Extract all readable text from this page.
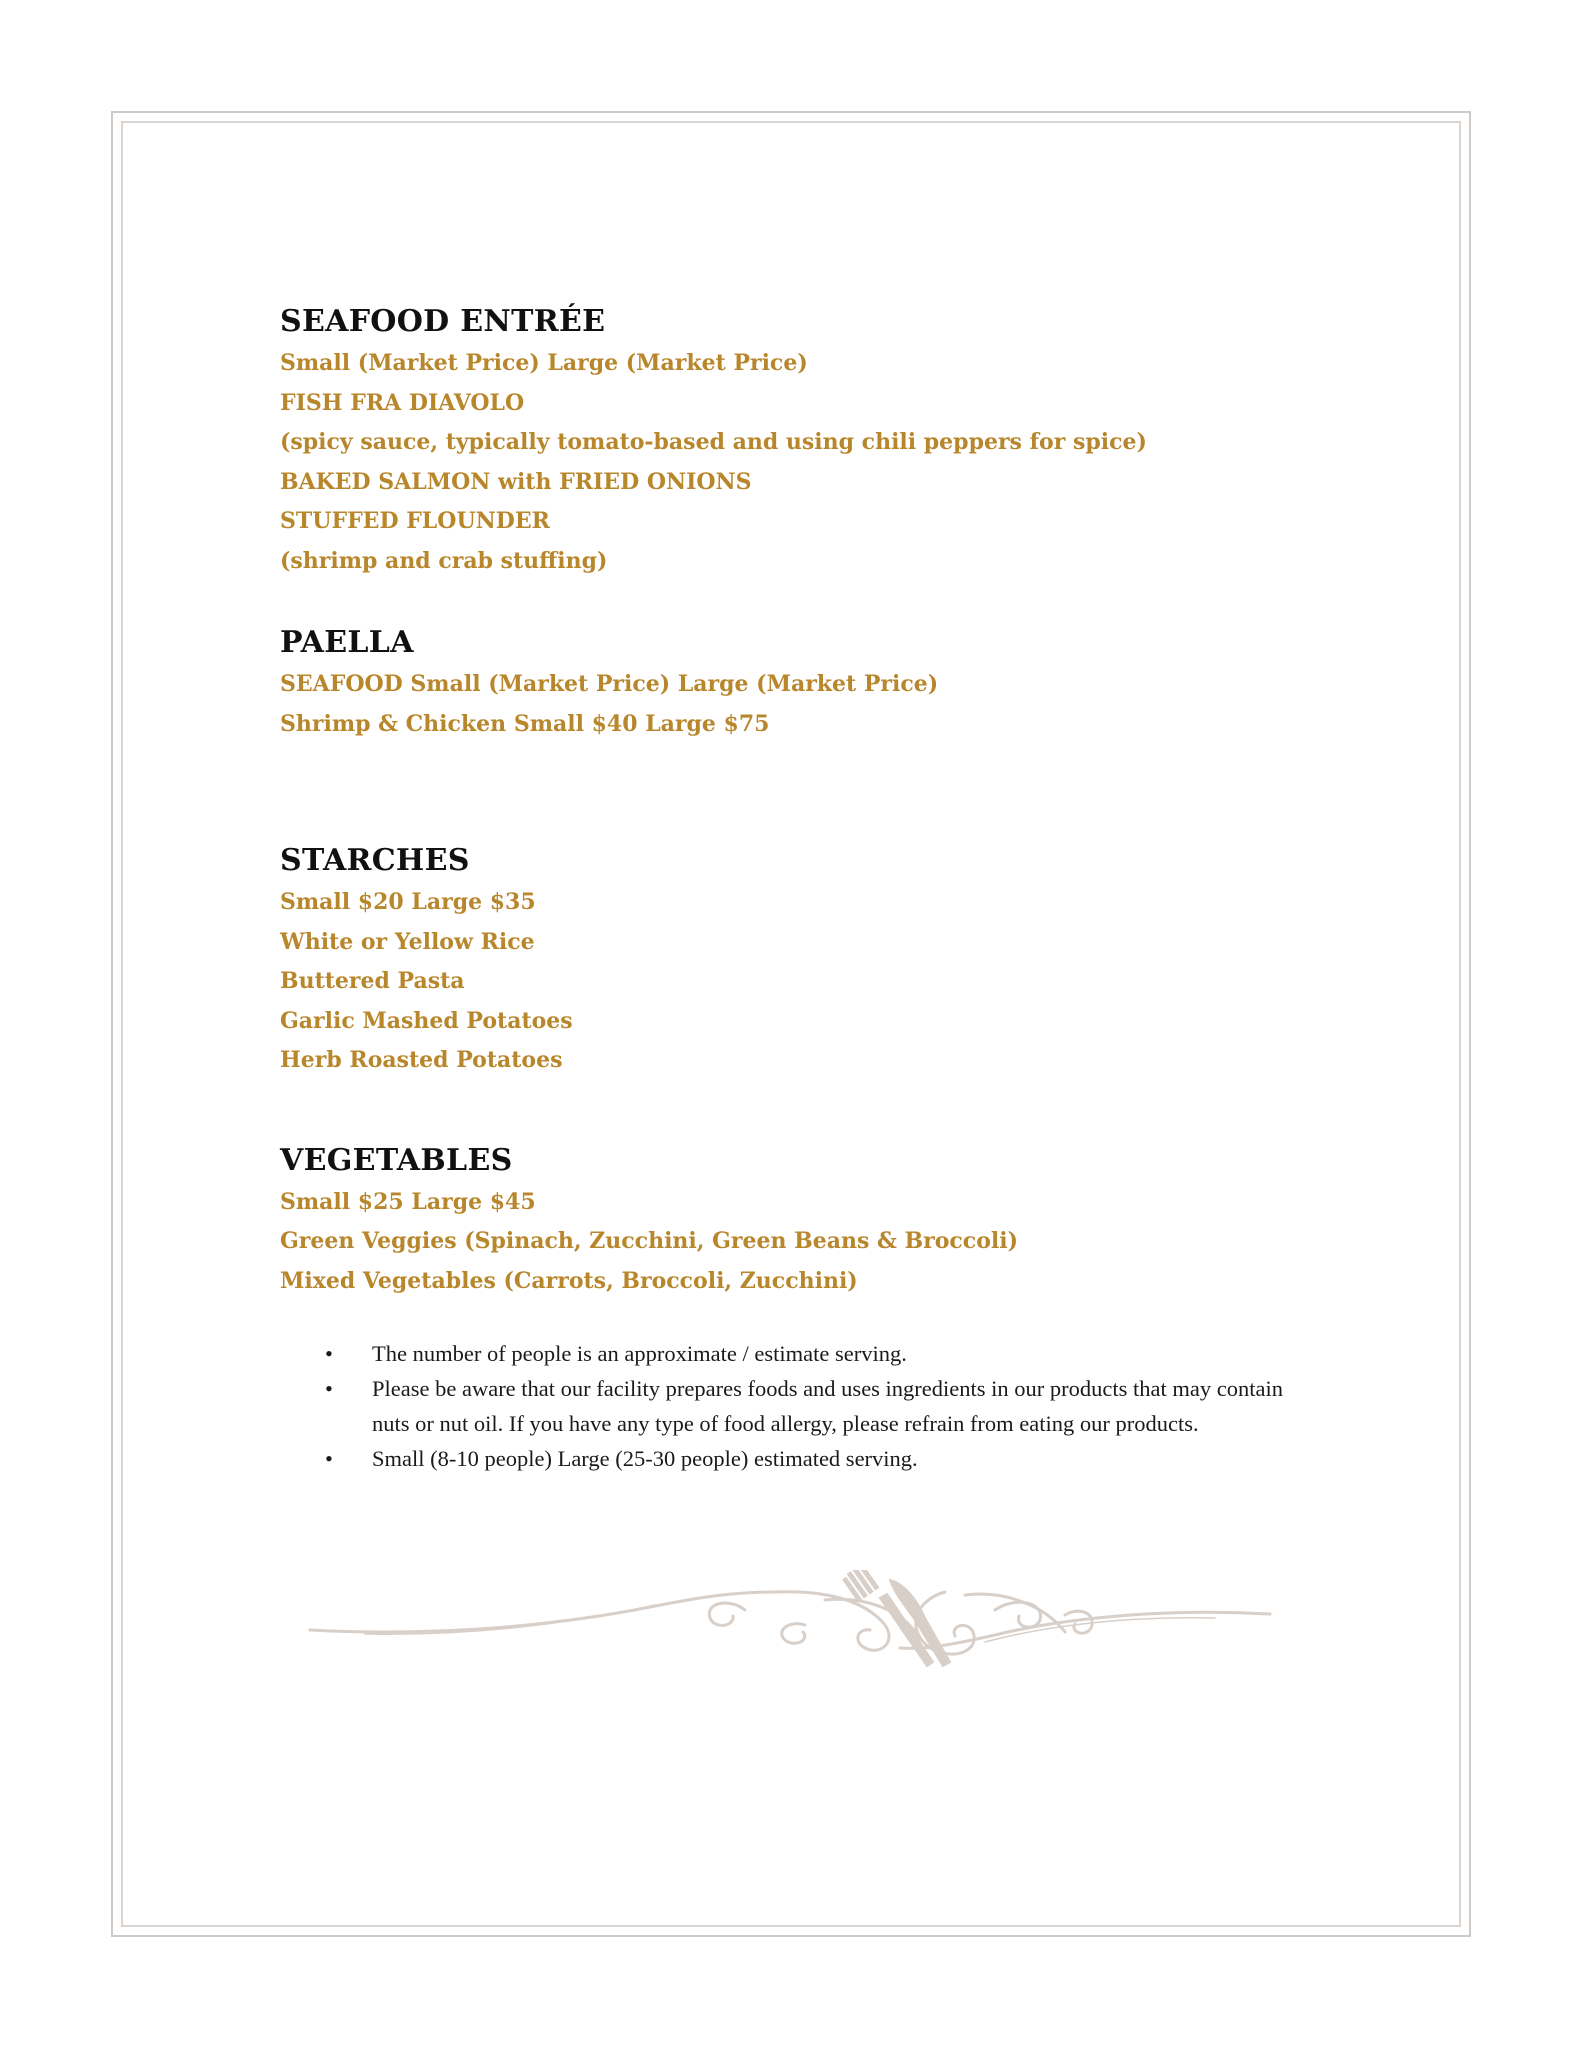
SEAFOOD ENTRÉE

Small (Market Price) Large (Market Price)

FISH FRA DIAVOLO

(spicy sauce, typically tomato-based and using chili peppers for spice)

BAKED SALMON with FRIED ONIONS

STUFFED FLOUNDER

(shrimp and crab stuffing)

PAELLA

SEAFOOD Small (Market Price) Large (Market Price)

Shrimp & Chicken Small $40 Large $75

STARCHES

Small $20 Large $35

White or Yellow Rice

Buttered Pasta

Garlic Mashed Potatoes

Herb Roasted Potatoes

VEGETABLES

Small $25 Large $45

Green Veggies (Spinach, Zucchini, Green Beans & Broccoli)

Mixed Vegetables (Carrots, Broccoli, Zucchini)

• The number of people is an approximate / estimate serving.
• Please be aware that our facility prepares foods and uses ingredients in our products that may contain nuts or nut oil. If you have any type of food allergy, please refrain from eating our products.
• Small (8-10 people) Large (25-30 people) estimated serving.
